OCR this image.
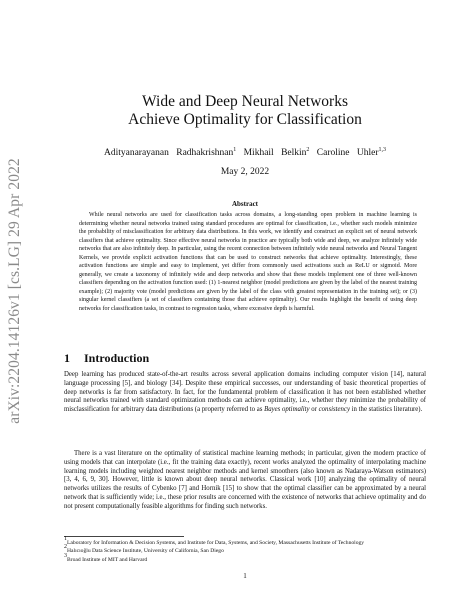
arXiv:2204.14126v1 [cs.LG] 29 Apr 2022
Wide and Deep Neural Networks
Achieve Optimality for Classification
Adityanarayanan Radhakrishnan$^1$ Mikhail Belkin$^2$ Caroline Uhler$^{1,3}$
May 2, 2022
Abstract
While neural networks are used for classification tasks across domains, a long-standing open problem in machine learning is determining whether neural networks trained using standard procedures are optimal for classification, i.e., whether such models minimize the probability of misclassification for arbitrary data distributions. In this work, we identify and construct an explicit set of neural network classifiers that achieve optimality. Since effective neural networks in practice are typically both wide and deep, we analyze infinitely wide networks that are also infinitely deep. In particular, using the recent connection between infinitely wide neural networks and Neural Tangent Kernels, we provide explicit activation functions that can be used to construct networks that achieve optimality. Interestingly, these activation functions are simple and easy to implement, yet differ from commonly used activations such as ReLU or sigmoid. More generally, we create a taxonomy of infinitely wide and deep networks and show that these models implement one of three well-known classifiers depending on the activation function used: (1) 1-nearest neighbor (model predictions are given by the label of the nearest training example); (2) majority vote (model predictions are given by the label of the class with greatest representation in the training set); or (3) singular kernel classifiers (a set of classifiers containing those that achieve optimality). Our results highlight the benefit of using deep networks for classification tasks, in contrast to regression tasks, where excessive depth is harmful.
1 Introduction
Deep learning has produced state-of-the-art results across several application domains including computer vision [14], natural language processing [5], and biology [34]. Despite these empirical successes, our understanding of basic theoretical properties of deep networks is far from satisfactory. In fact, for the fundamental problem of classification it has not been established whether neural networks trained with standard optimization methods can achieve optimality, i.e., whether they minimize the probability of misclassification for arbitrary data distributions (a property referred to as Bayes optimality or consistency in the statistics literature).
There is a vast literature on the optimality of statistical machine learning methods; in particular, given the modern practice of using models that can interpolate (i.e., fit the training data exactly), recent works analyzed the optimality of interpolating machine learning models including weighted nearest neighbor methods and kernel smoothers (also known as Nadaraya-Watson estimators) [3, 4, 6, 9, 30]. However, little is known about deep neural networks. Classical work [10] analyzing the optimality of neural networks utilizes the results of Cybenko [7] and Hornik [15] to show that the optimal classifier can be approximated by a neural network that is sufficiently wide; i.e., these prior results are concerned with the existence of networks that achieve optimality and do not present computationally feasible algorithms for finding such networks.
$^1$Laboratory for Information & Decision Systems, and Institute for Data, Systems, and Society, Massachusetts Institute of Technology
$^2$Halıcıoğlu Data Science Institute, University of California, San Diego
$^3$Broad Institute of MIT and Harvard
1
